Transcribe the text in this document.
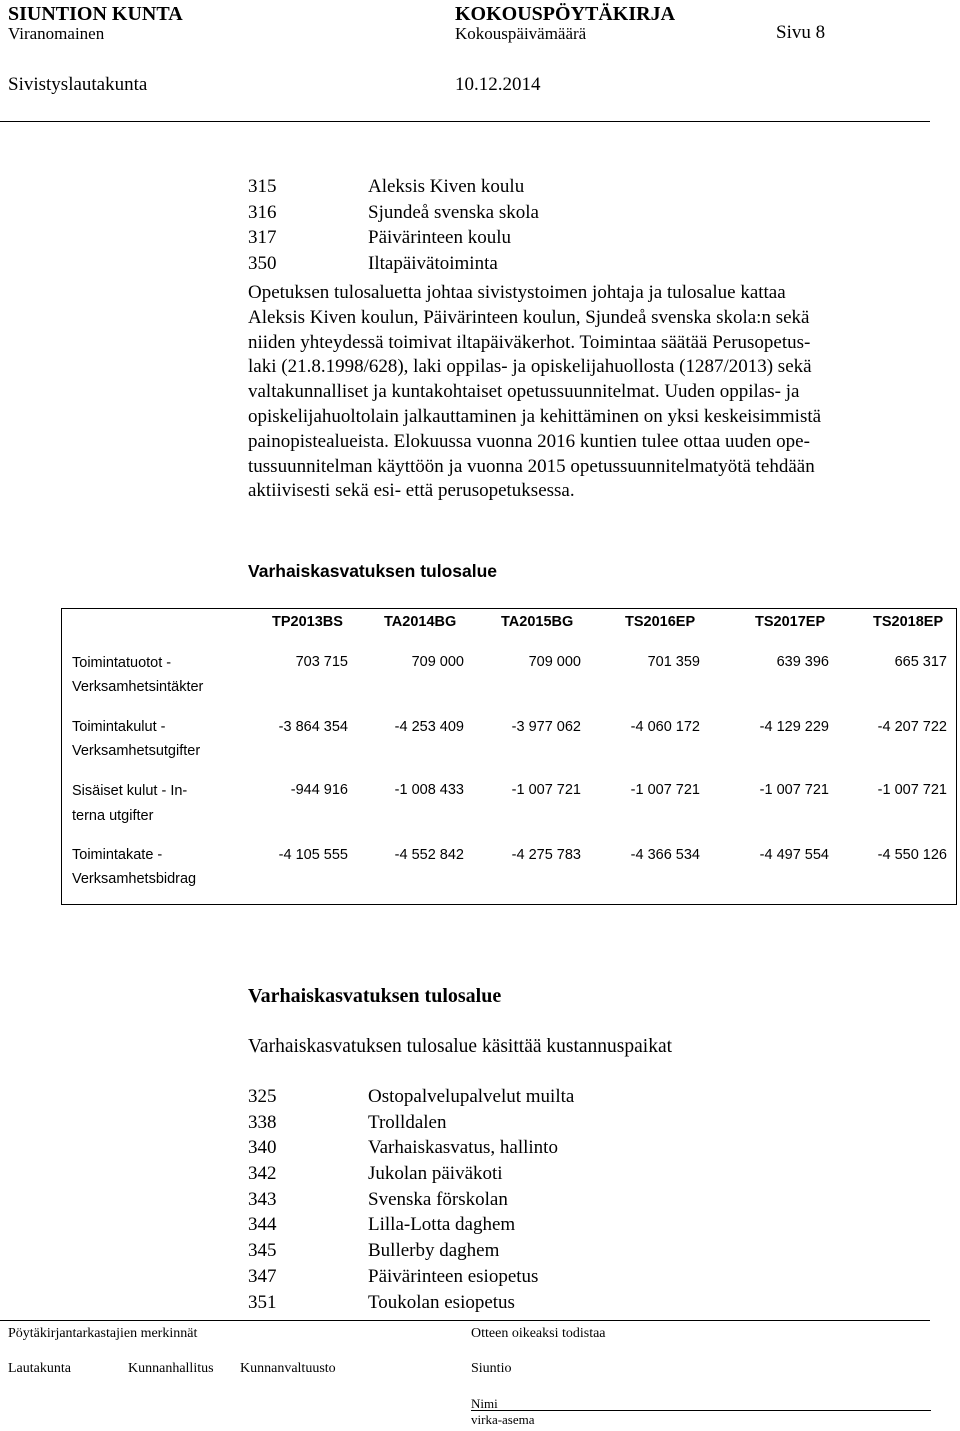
SIUNTION KUNTA	KOKOUSPÖYTÄKIRJA
Viranomainen	Kokouspäivämäärä	Sivu 8
Sivistyslautakunta	10.12.2014
315	Aleksis Kiven koulu
316	Sjundeå svenska skola
317	Päivärinteen koulu
350	Iltapäivätoiminta
Opetuksen tulosaluetta johtaa sivistystoimen johtaja ja tulosalue kattaa
Aleksis Kiven koulun, Päivärinteen koulun, Sjundeå svenska skola:n sekä
niiden yhteydessä toimivat iltapäiväkerhot. Toimintaa säätää Perusopetus-
laki (21.8.1998/628), laki oppilas- ja opiskelijahuollosta (1287/2013) sekä
valtakunnalliset ja kuntakohtaiset opetussuunnitelmat. Uuden oppilas- ja
opiskelijahuoltolain jalkauttaminen ja kehittäminen on yksi keskeisimmistä
painopistealueista. Elokuussa vuonna 2016 kuntien tulee ottaa uuden ope-
tussuunnitelman käyttöön ja vuonna 2015 opetussuunnitelmatyötä tehdään
aktiivisesti sekä esi- että perusopetuksessa.
Varhaiskasvatuksen tulosalue
TP2013BS	TA2014BG	TA2015BG	TS2016EP	TS2017EP	TS2018EP
Toimintatuotot -
Verksamhetsintäkter
703 715	709 000	709 000	701 359	639 396	665 317
Toimintakulut -
Verksamhetsutgifter
-3 864 354	-4 253 409	-3 977 062	-4 060 172	-4 129 229	-4 207 722
Sisäiset kulut - In-
terna utgifter
-944 916	-1 008 433	-1 007 721	-1 007 721	-1 007 721	-1 007 721
Toimintakate -
Verksamhetsbidrag
-4 105 555	-4 552 842	-4 275 783	-4 366 534	-4 497 554	-4 550 126
Varhaiskasvatuksen tulosalue
Varhaiskasvatuksen tulosalue käsittää kustannuspaikat
325	Ostopalvelupalvelut muilta
338	Trolldalen
340	Varhaiskasvatus, hallinto
342	Jukolan päiväkoti
343	Svenska förskolan
344	Lilla-Lotta daghem
345	Bullerby daghem
347	Päivärinteen esiopetus
351	Toukolan esiopetus
Pöytäkirjantarkastajien merkinnät	Otteen oikeaksi todistaa
Lautakunta	Kunnanhallitus Kunnanvaltuusto	Siuntio
Nimi
virka-asema
